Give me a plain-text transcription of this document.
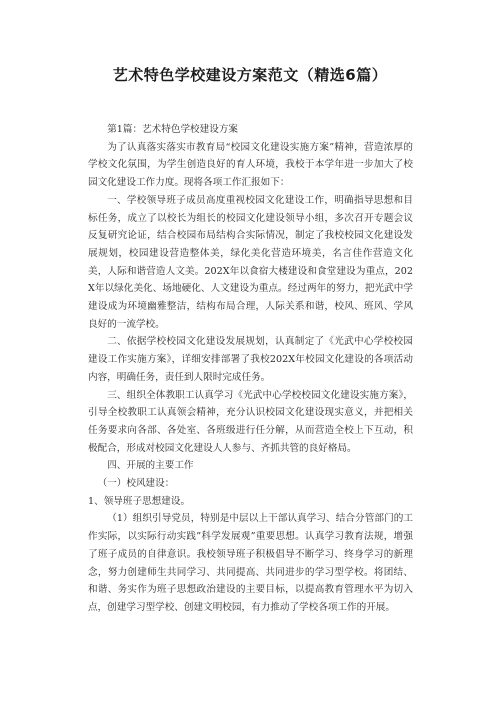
艺术特色学校建设方案范文（精选6篇）

第1篇：艺术特色学校建设方案

为了认真落实落实市教育局“校园文化建设实施方案”精神，营造浓厚的学校文化氛围，为学生创造良好的育人环境，我校于本学年进一步加大了校园文化建设工作力度。现将各项工作汇报如下：

一、学校领导班子成员高度重视校园文化建设工作，明确指导思想和目标任务，成立了以校长为组长的校园文化建设领导小组，多次召开专题会议反复研究论证，结合校园布局结构合实际情况，制定了我校校园文化建设发展规划，校园建设营造整体美，绿化美化营造环境美，名言佳作营造文化美，人际和谐营造人文美。202X年以食宿大楼建设和食堂建设为重点，202X年以绿化美化、场地硬化、人文建设为重点。经过两年的努力，把光武中学建设成为环境幽雅整洁，结构布局合理，人际关系和谐，校风、班风、学风良好的一流学校。

二、依据学校校园文化建设发展规划，认真制定了《光武中心学校校园建设工作实施方案》，详细安排部署了我校202X年校园文化建设的各项活动内容，明确任务，责任到人限时完成任务。

三、组织全体教职工认真学习《光武中心学校校园文化建设实施方案》，引导全校教职工认真领会精神，充分认识校园文化建设现实意义，并把相关任务要求向各部、各处室、各班级进行任分解，从而营造全校上下互动，积极配合，形成对校园文化建设人人参与、齐抓共管的良好格局。

四、开展的主要工作

（一）校风建设：

1、领导班子思想建设。

（1）组织引导党员，特别是中层以上干部认真学习、结合分管部门的工作实际，以实际行动实践”科学发展观”重要思想。认真学习教育法规，增强了班子成员的自律意识。我校领导班子积极倡导不断学习、终身学习的新理念，努力创建师生共同学习、共同提高、共同进步的学习型学校。将团结、和谐、务实作为班子思想政治建设的主要目标，以提高教育管理水平为切入点，创建学习型学校、创建文明校园，有力推动了学校各项工作的开展。
